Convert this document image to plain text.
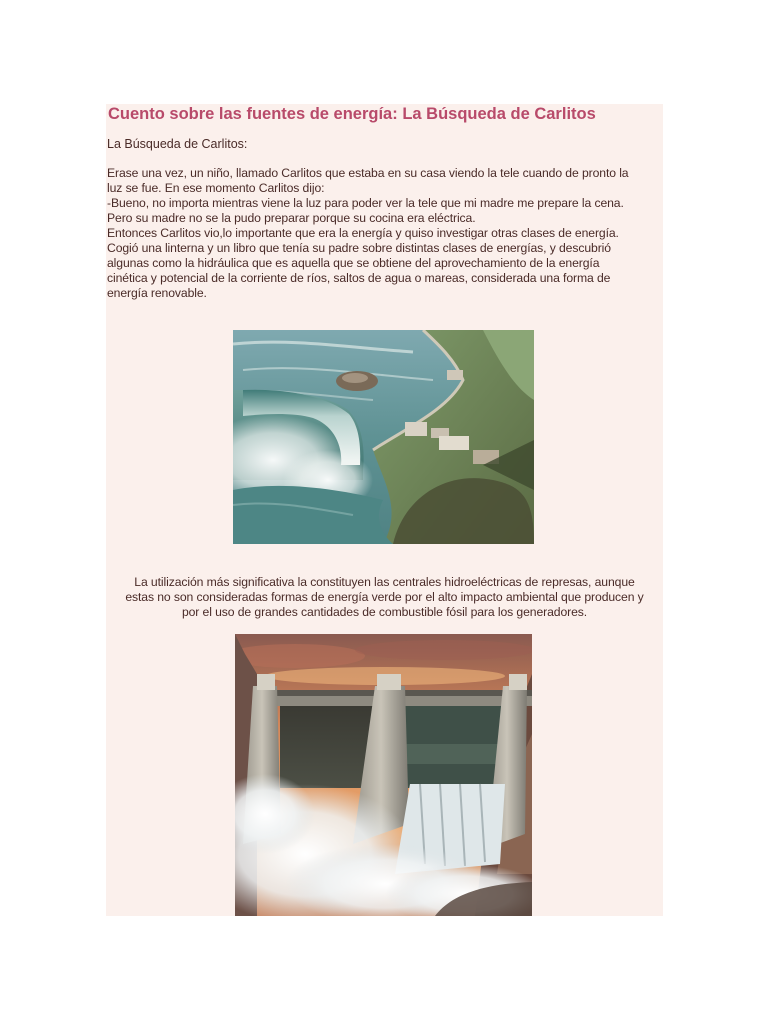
Cuento sobre las fuentes de energía: La Búsqueda de Carlitos

La Búsqueda de Carlitos:

Erase una vez, un niño, llamado Carlitos que estaba en su casa viendo la tele cuando de pronto la

luz se fue. En ese momento Carlitos dijo:

-Bueno, no importa mientras viene la luz para poder ver la tele que mi madre me prepare la cena.

Pero su madre no se la pudo preparar porque su cocina era eléctrica.

Entonces Carlitos vio,lo importante que era la energía y quiso investigar otras clases de energía.

Cogió una linterna y un libro que tenía su padre sobre distintas clases de energías, y descubrió

algunas como la hidráulica que es aquella que se obtiene del aprovechamiento de la energía

cinética y potencial de la corriente de ríos, saltos de agua o mareas, considerada una forma de

energía renovable.

La utilización más significativa la constituyen las centrales hidroeléctricas de represas, aunque

estas no son consideradas formas de energía verde por el alto impacto ambiental que producen y

por el uso de grandes cantidades de combustible fósil para los generadores.
